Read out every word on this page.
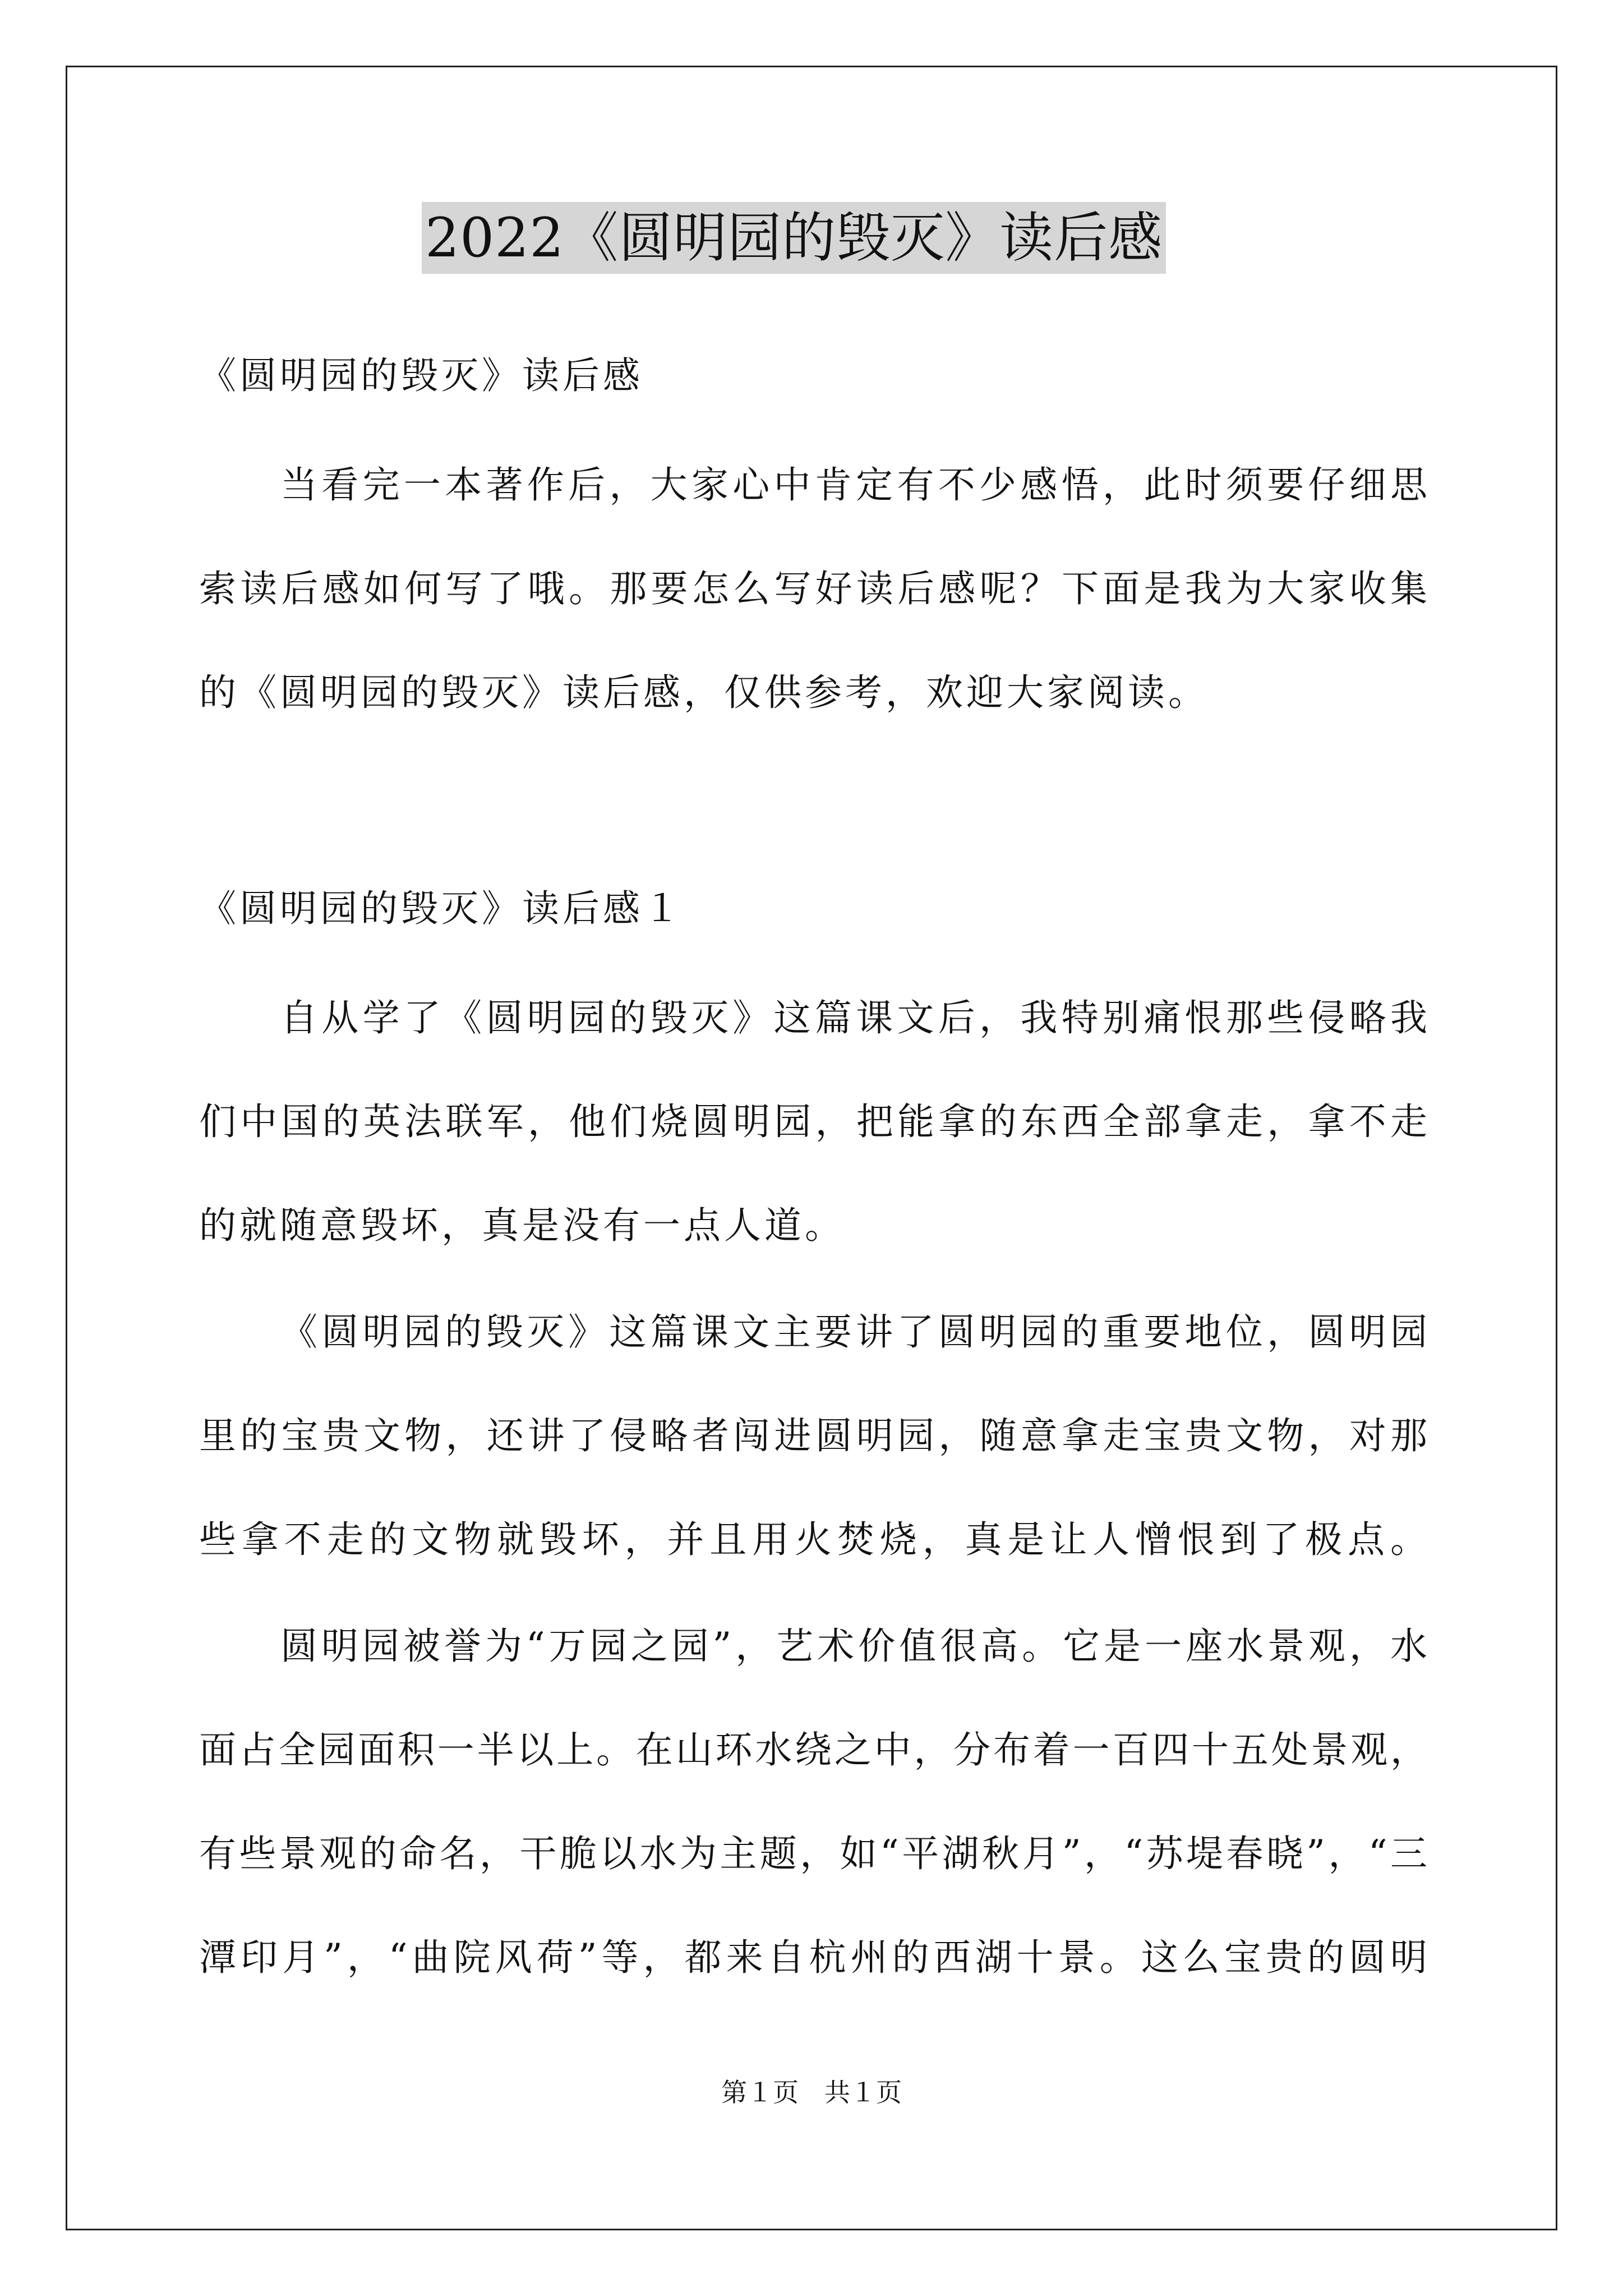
2022《圆明园的毁灭》读后感
《圆明园的毁灭》读后感
当看完一本著作后，大家心中肯定有不少感悟，此时须要仔细思
索读后感如何写了哦。那要怎么写好读后感呢？下面是我为大家收集
的《圆明园的毁灭》读后感，仅供参考，欢迎大家阅读。
《圆明园的毁灭》读后感１
自从学了《圆明园的毁灭》这篇课文后，我特别痛恨那些侵略我
们中国的英法联军，他们烧圆明园，把能拿的东西全部拿走，拿不走
的就随意毁坏，真是没有一点人道。
《圆明园的毁灭》这篇课文主要讲了圆明园的重要地位，圆明园
里的宝贵文物，还讲了侵略者闯进圆明园，随意拿走宝贵文物，对那
些拿不走的文物就毁坏，并且用火焚烧，真是让人憎恨到了极点。
圆明园被誉为“万园之园”，艺术价值很高。它是一座水景观，水
面占全园面积一半以上。在山环水绕之中，分布着一百四十五处景观，
有些景观的命名，干脆以水为主题，如“平湖秋月”，“苏堤春晓”，“三
潭印月”，“曲院风荷”等，都来自杭州的西湖十景。这么宝贵的圆明
第１页　共１页
